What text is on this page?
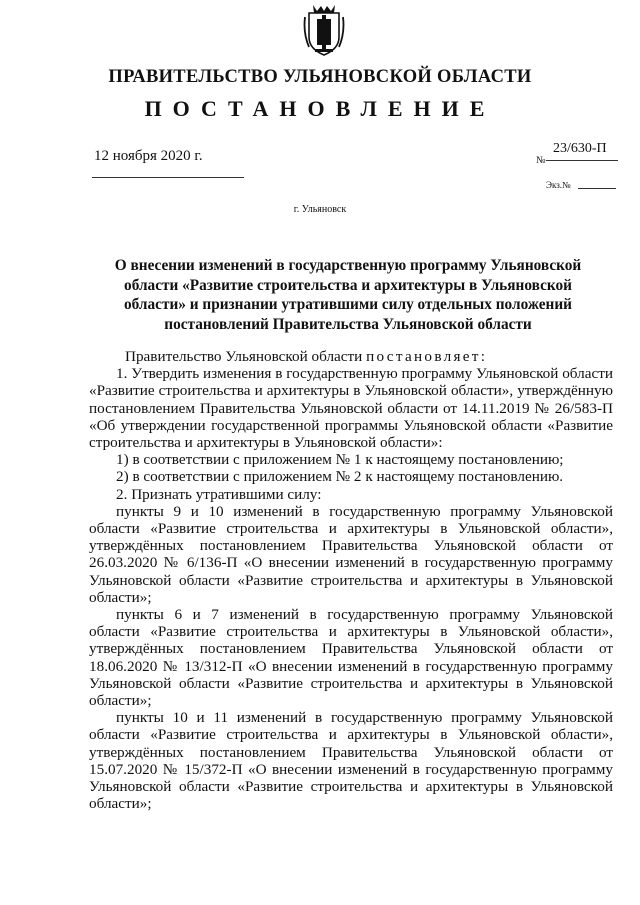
ПРАВИТЕЛЬСТВО УЛЬЯНОВСКОЙ ОБЛАСТИ
ПОСТАНОВЛЕНИЕ
12 ноября 2020 г.	№
23/630-П
Экз.№
г. Ульяновск
О внесении изменений в государственную программу Ульяновской области «Развитие строительства и архитектуры в Ульяновской области» и признании утратившими силу отдельных положений постановлений Правительства Ульяновской области

Правительство Ульяновской области постановляет:

1. Утвердить изменения в государственную программу Ульяновской области «Развитие строительства и архитектуры в Ульяновской области», утверждённую постановлением Правительства Ульяновской области от 14.11.2019 № 26/583-П «Об утверждении государственной программы Ульяновской области «Развитие строительства и архитектуры в Ульяновской области»:

1) в соответствии с приложением № 1 к настоящему постановлению;

2) в соответствии с приложением № 2 к настоящему постановлению.

2. Признать утратившими силу:

пункты 9 и 10 изменений в государственную программу Ульяновской области «Развитие строительства и архитектуры в Ульяновской области», утверждённых постановлением Правительства Ульяновской области от 26.03.2020 № 6/136-П «О внесении изменений в государственную программу Ульяновской области «Развитие строительства и архитектуры в Ульяновской области»;

пункты 6 и 7 изменений в государственную программу Ульяновской области «Развитие строительства и архитектуры в Ульяновской области», утверждённых постановлением Правительства Ульяновской области от 18.06.2020 № 13/312-П «О внесении изменений в государственную программу Ульяновской области «Развитие строительства и архитектуры в Ульяновской области»;

пункты 10 и 11 изменений в государственную программу Ульяновской области «Развитие строительства и архитектуры в Ульяновской области», утверждённых постановлением Правительства Ульяновской области от 15.07.2020 № 15/372-П «О внесении изменений в государственную программу Ульяновской области «Развитие строительства и архитектуры в Ульяновской области»;
